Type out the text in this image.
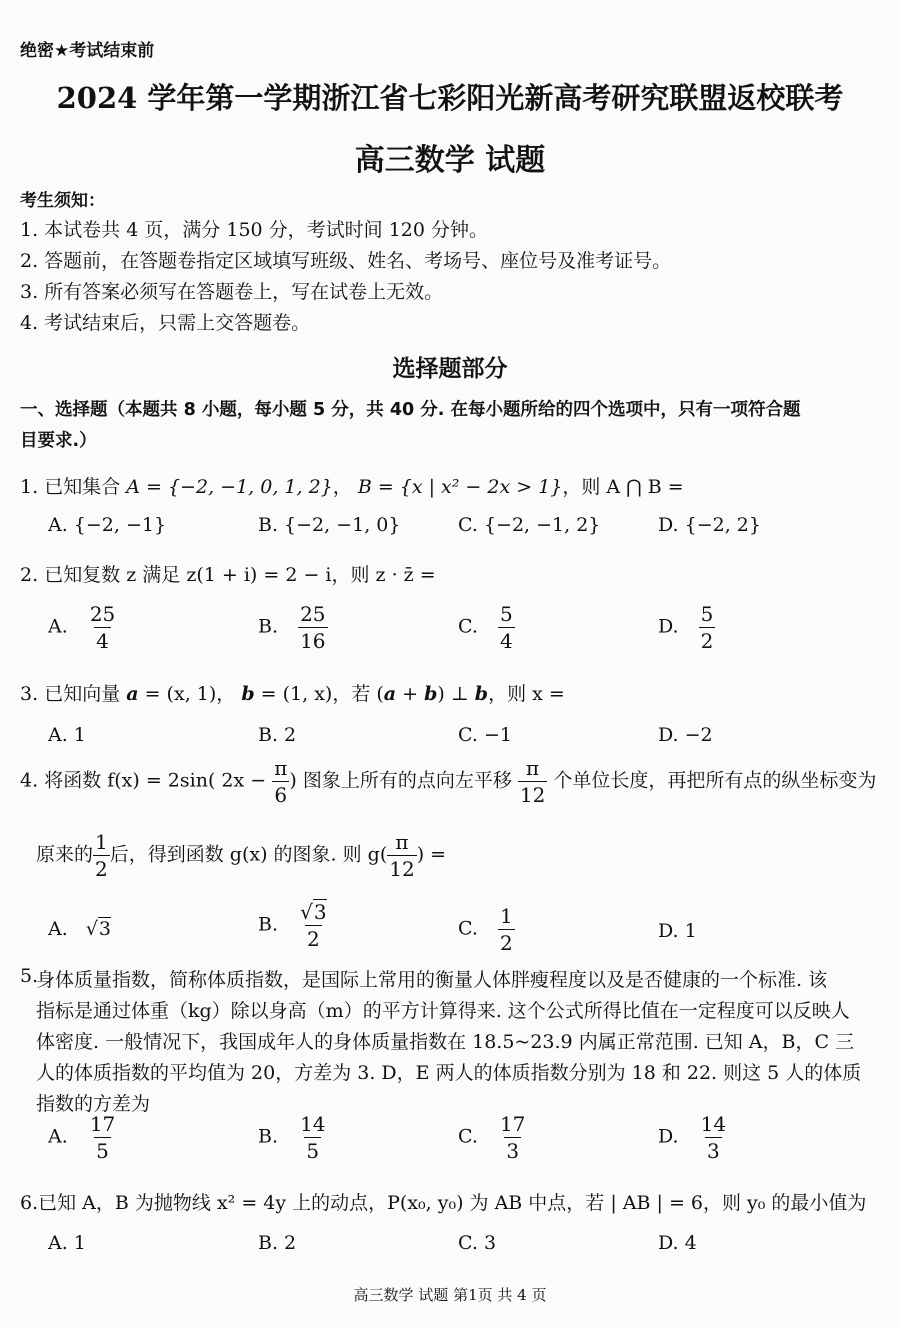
绝密★考试结束前
2024 学年第一学期浙江省七彩阳光新高考研究联盟返校联考
高三数学 试题
考生须知：
1. 本试卷共 4 页，满分 150 分，考试时间 120 分钟。
2. 答题前，在答题卷指定区域填写班级、姓名、考场号、座位号及准考证号。
3. 所有答案必须写在答题卷上，写在试卷上无效。
4. 考试结束后，只需上交答题卷。
选择题部分
一、选择题（本题共 8 小题，每小题 5 分，共 40 分. 在每小题所给的四个选项中，只有一项符合题
目要求.）
1. 已知集合 A = {−2, −1, 0, 1, 2}， B = {x | x² − 2x > 1}，则 A ⋂ B =
A. {−2, −1}	B. {−2, −1, 0}	C. {−2, −1, 2}	D. {−2, 2}
2. 已知复数 z 满足 z(1 + i) = 2 − i，则 z · z̄ =
A. $\frac{25}{4}$	B. $\frac{25}{16}$	C. $\frac{5}{4}$	D. $\frac{5}{2}$
3. 已知向量 a = (x, 1)， b = (1, x)，若 (a + b) ⊥ b，则 x =
A. 1	B. 2	C. −1	D. −2
4. 将函数 f(x) = 2sin( $2x - \frac{\pi}{6}$ ) 图象上所有的点向左平移 $\frac{\pi}{12}$ 个单位长度，再把所有点的纵坐标变为
原来的 $\frac{1}{2}$ 后，得到函数 g(x) 的图象. 则 $g( \frac{\pi}{12}$ ) =
A. √3	B. $\frac{√3}{2}$	C. $\frac{1}{2}$	D. 1
5.
身体质量指数，简称体质指数，是国际上常用的衡量人体胖瘦程度以及是否健康的一个标准. 该
指标是通过体重（kg）除以身高（m）的平方计算得来. 这个公式所得比值在一定程度可以反映人
体密度. 一般情况下，我国成年人的身体质量指数在 18.5~23.9 内属正常范围. 已知 A，B，C 三
人的体质指数的平均值为 20，方差为 3. D，E 两人的体质指数分别为 18 和 22. 则这 5 人的体质
指数的方差为
A. $\frac{17}{5}$	B. $\frac{14}{5}$	C. $\frac{17}{3}$	D. $\frac{14}{3}$
6.已知 A，B 为抛物线 x² = 4y 上的动点，P(x₀, y₀) 为 AB 中点，若 | AB | = 6，则 y₀ 的最小值为
A. 1	B. 2	C. 3	D. 4
高三数学 试题 第1页 共 4 页
